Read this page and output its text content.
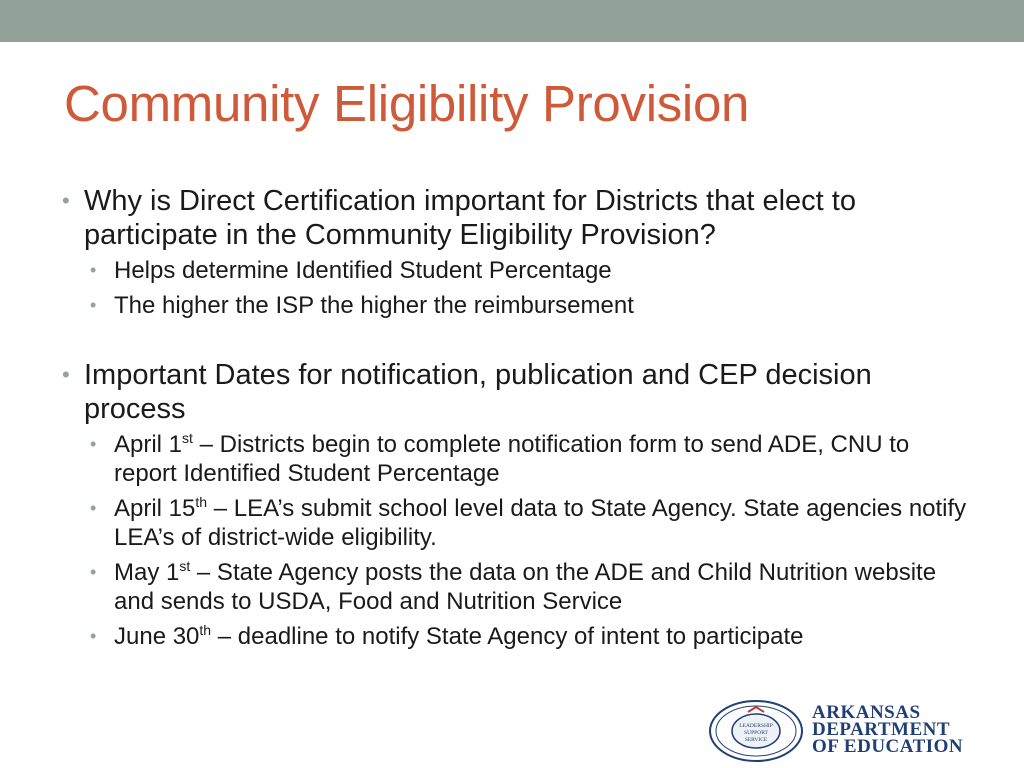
Community Eligibility Provision
• Why is Direct Certification important for Districts that elect to participate in the Community Eligibility Provision?
• Helps determine Identified Student Percentage
• The higher the ISP the higher the reimbursement
• Important Dates for notification, publication and CEP decision process
• April 1st – Districts begin to complete notification form to send ADE, CNU to report Identified Student Percentage
• April 15th – LEA’s submit school level data to State Agency. State agencies notify LEA’s of district-wide eligibility.
• May 1st – State Agency posts the data on the ADE and Child Nutrition website and sends to USDA, Food and Nutrition Service
• June 30th – deadline to notify State Agency of intent to participate
LEADERSHIP
SUPPORT
SERVICE
ARKANSAS
DEPARTMENT
OF EDUCATION
